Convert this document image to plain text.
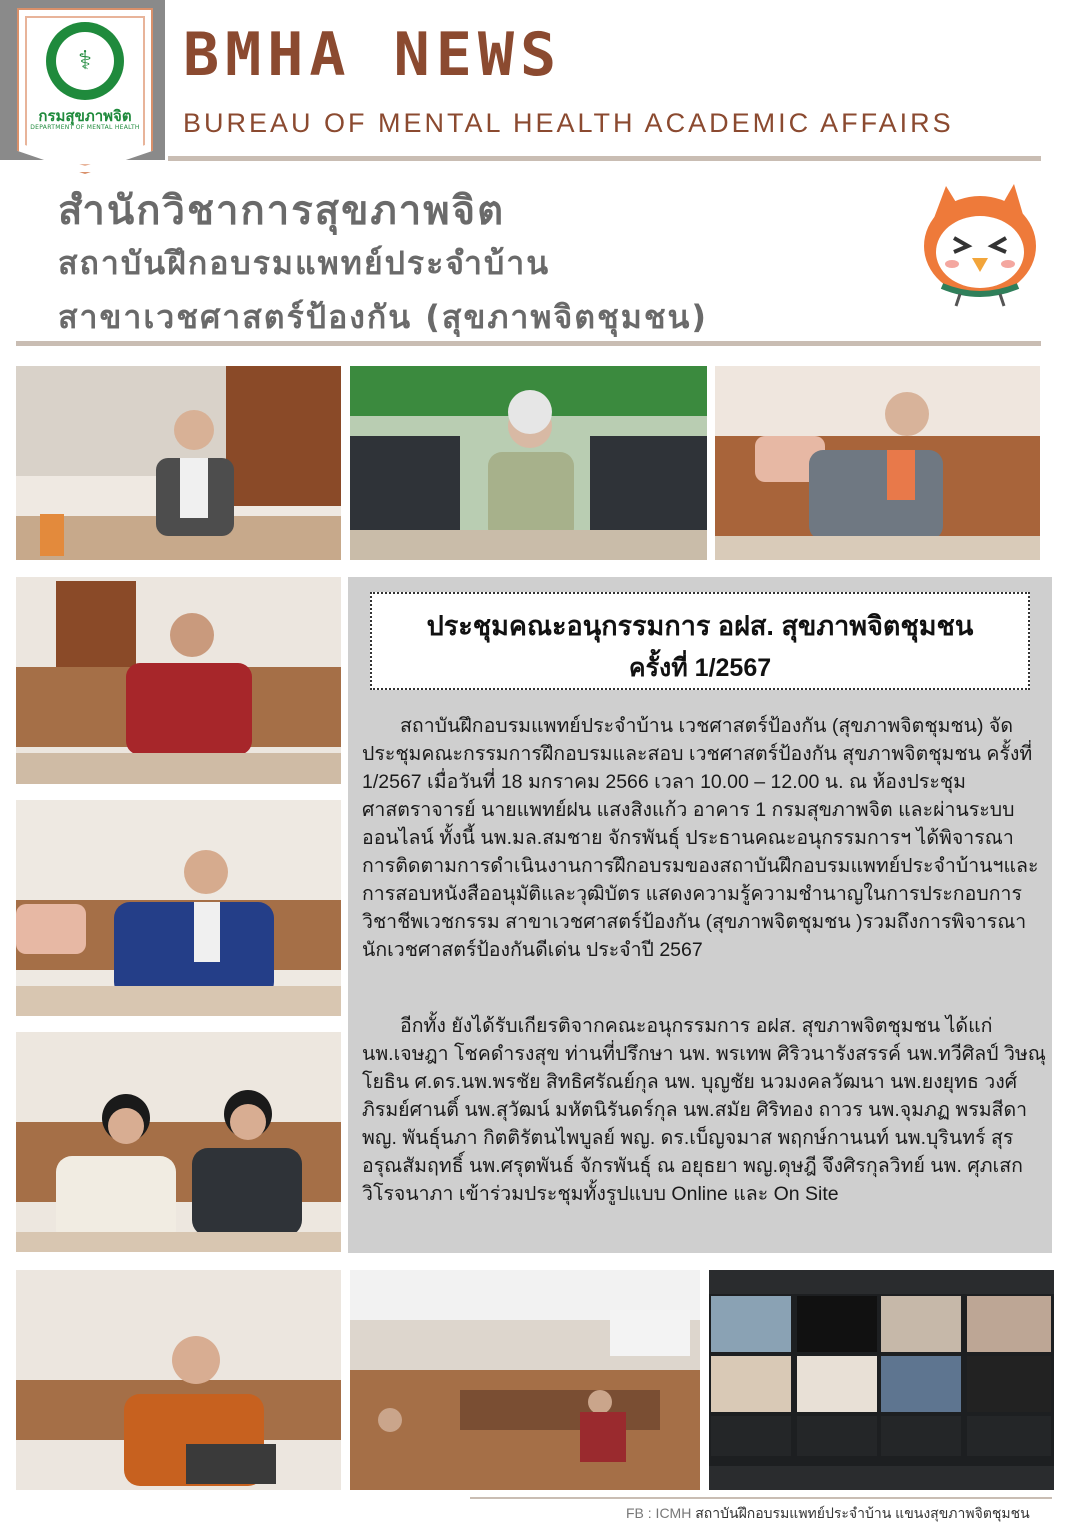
⚕
กรมสุขภาพจิต
DEPARTMENT OF MENTAL HEALTH
BMHA NEWS
BUREAU OF MENTAL HEALTH ACADEMIC AFFAIRS
สำนักวิชาการสุขภาพจิต
สถาบันฝึกอบรมแพทย์ประจำบ้าน
สาขาเวชศาสตร์ป้องกัน (สุขภาพจิตชุมชน)
ประชุมคณะอนุกรรมการ อฝส. สุขภาพจิตชุมชน
ครั้งที่ 1/2567
สถาบันฝึกอบรมแพทย์ประจำบ้าน เวชศาสตร์ป้องกัน (สุขภาพจิตชุมชน) จัดประชุมคณะกรรมการฝึกอบรมและสอบ เวชศาสตร์ป้องกัน สุขภาพจิตชุมชน ครั้งที่ 1/2567 เมื่อวันที่ 18 มกราคม 2566 เวลา 10.00 – 12.00 น. ณ ห้องประชุมศาสตราจารย์ นายแพทย์ฝน แสงสิงแก้ว อาคาร 1 กรมสุขภาพจิต และผ่านระบบออนไลน์ ทั้งนี้ นพ.มล.สมชาย จักรพันธุ์ ประธานคณะอนุกรรมการฯ ได้พิจารณาการติดตามการดำเนินงานการฝึกอบรมของสถาบันฝึกอบรมแพทย์ประจำบ้านฯและการสอบหนังสืออนุมัติและวุฒิบัตร แสดงความรู้ความชำนาญในการประกอบการวิชาชีพเวชกรรม สาขาเวชศาสตร์ป้องกัน (สุขภาพจิตชุมชน )รวมถึงการพิจารณานักเวชศาสตร์ป้องกันดีเด่น ประจำปี 2567
อีกทั้ง ยังได้รับเกียรติจากคณะอนุกรรมการ อฝส. สุขภาพจิตชุมชน ได้แก่ นพ.เจษฎา โชคดำรงสุข ท่านที่ปรึกษา นพ. พรเทพ ศิริวนารังสรรค์ นพ.ทวีศิลป์ วิษณุโยธิน ศ.ดร.นพ.พรชัย สิทธิศรัณย์กุล นพ. บุญชัย นวมงคลวัฒนา นพ.ยงยุทธ วงศ์ภิรมย์ศานติ์ นพ.สุวัฒน์ มหัตนิรันดร์กุล นพ.สมัย ศิริทอง ถาวร นพ.จุมภฏ พรมสีดา พญ. พันธุ์นภา กิตติรัตนไพบูลย์ พญ. ดร.เบ็ญจมาส พฤกษ์กานนท์ นพ.บุรินทร์ สุรอรุณสัมฤทธิ์ นพ.ศรุตพันธ์ จักรพันธุ์ ณ อยุธยา พญ.ดุษฎี จึงศิรกุลวิทย์ นพ. ศุภเสก วิโรจนาภา เข้าร่วมประชุมทั้งรูปแบบ Online และ On Site
FB : ICMH สถาบันฝึกอบรมแพทย์ประจำบ้าน แขนงสุขภาพจิตชุมชน
